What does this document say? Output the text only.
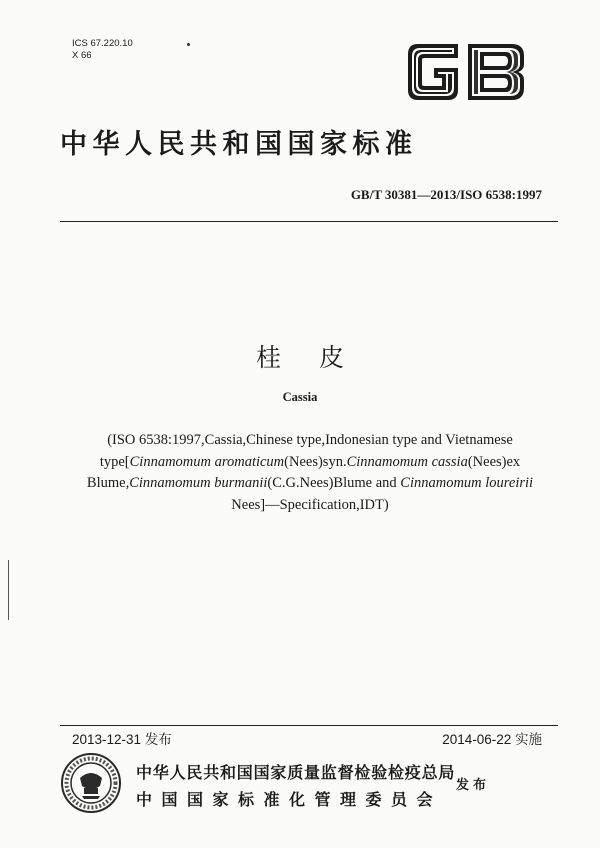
ICS 67.220.10
X 66
中华人民共和国国家标准
GB/T 30381—2013/ISO 6538:1997
桂皮
Cassia
(ISO 6538:1997,Cassia,Chinese type,Indonesian type and Vietnamese
type[Cinnamomum aromaticum(Nees)syn.Cinnamomum cassia(Nees)ex
Blume,Cinnamomum burmanii(C.G.Nees)Blume and Cinnamomum loureirii
Nees]—Specification,IDT)
2013-12-31 发布	2014-06-22 实施
中华人民共和国国家质量监督检验检疫总局
中国国家标准化管理委员会
发布
